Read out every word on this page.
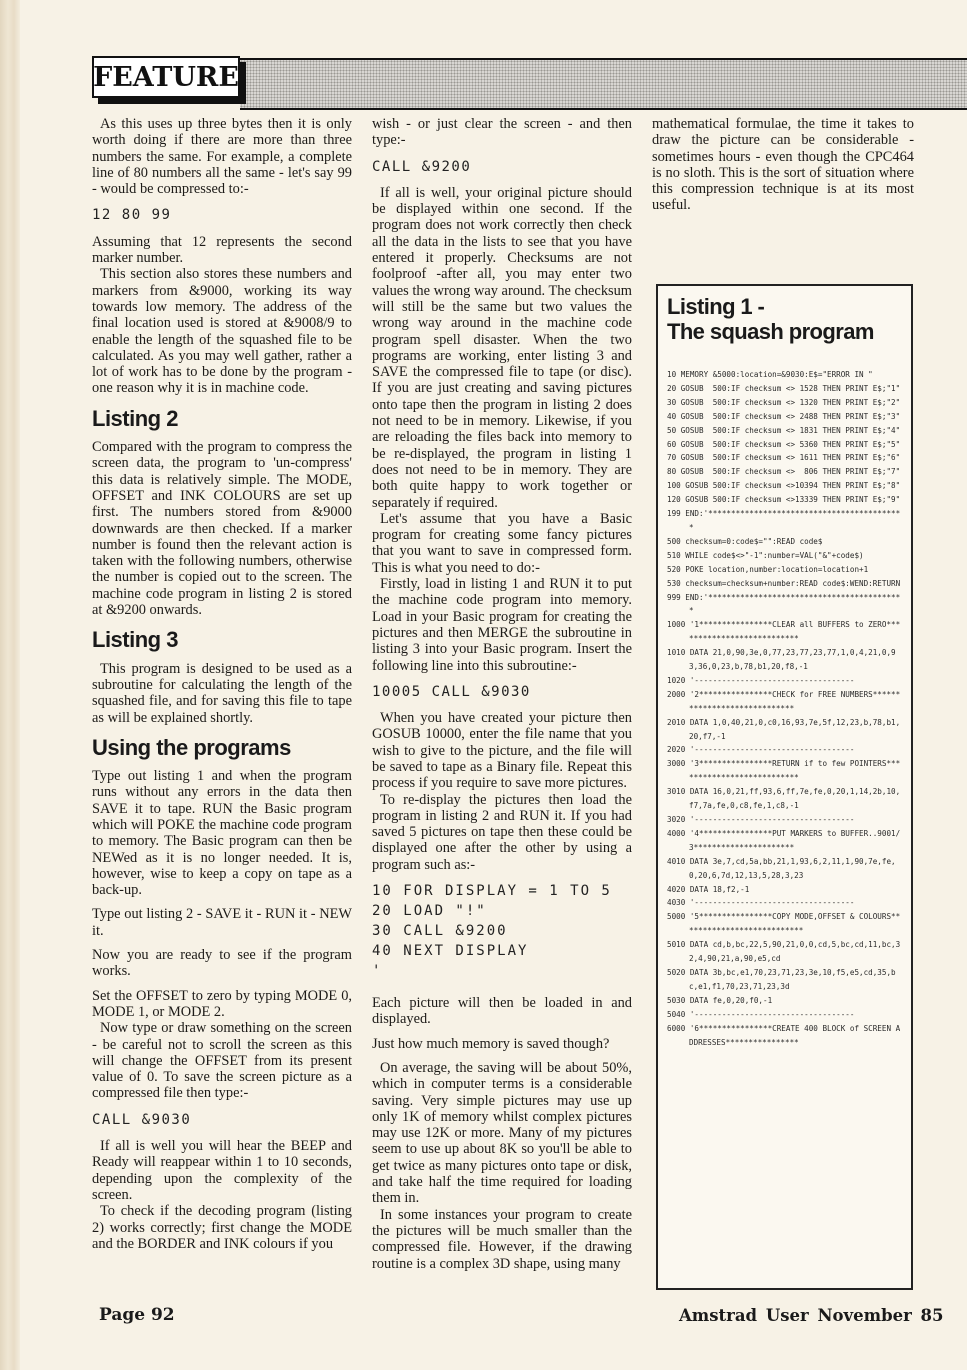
FEATURE

As this uses up three bytes then it is only worth doing if there are more than three numbers the same. For example, a complete line of 80 numbers all the same - let's say 99 - would be compressed to:-

12 80 99

Assuming that 12 represents the second marker number.

This section also stores these numbers and markers from &9000, working its way towards low memory. The address of the final location used is stored at &9008/9 to enable the length of the squashed file to be calculated. As you may well gather, rather a lot of work has to be done by the program -one reason why it is in machine code.

Listing 2

Compared with the program to compress the screen data, the program to 'un-compress' this data is relatively simple. The MODE, OFFSET and INK COLOURS are set up first. The numbers stored from &9000 downwards are then checked. If a marker number is found then the relevant action is taken with the following numbers, otherwise the number is copied out to the screen. The machine code program in listing 2 is stored at &9200 onwards.

Listing 3

This program is designed to be used as a subroutine for calculating the length of the squashed file, and for saving this file to tape as will be explained shortly.

Using the programs

Type out listing 1 and when the program runs without any errors in the data then SAVE it to tape. RUN the Basic program which will POKE the machine code program to memory. The Basic program can then be NEWed as it is no longer needed. It is, however, wise to keep a copy on tape as a back-up.

Type out listing 2 - SAVE it - RUN it - NEW it.

Now you are ready to see if the program works.

Set the OFFSET to zero by typing MODE 0, MODE 1, or MODE 2.

Now type or draw something on the screen - be careful not to scroll the screen as this will change the OFFSET from its present value of 0. To save the screen picture as a compressed file then type:-

CALL &9030

If all is well you will hear the BEEP and Ready will reappear within 1 to 10 seconds, depending upon the complexity of the screen.

To check if the decoding program (listing 2) works correctly; first change the MODE and the BORDER and INK colours if you

wish - or just clear the screen - and then type:-

CALL &9200

If all is well, your original picture should be displayed within one second. If the program does not work correctly then check all the data in the lists to see that you have entered it properly. Checksums are not foolproof -after all, you may enter two values the wrong way around. The checksum will still be the same but two values the wrong way around in the machine code program spell disaster. When the two programs are working, enter listing 3 and SAVE the compressed file to tape (or disc). If you are just creating and saving pictures onto tape then the program in listing 2 does not need to be in memory. Likewise, if you are reloading the files back into memory to be re-displayed, the program in listing 1 does not need to be in memory. They are both quite happy to work together or separately if required.

Let's assume that you have a Basic program for creating some fancy pictures that you want to save in compressed form. This is what you need to do:-

Firstly, load in listing 1 and RUN it to put the machine code program into memory. Load in your Basic program for creating the pictures and then MERGE the subroutine in listing 3 into your Basic program. Insert the following line into this subroutine:-

10005 CALL &9030

When you have created your picture then GOSUB 10000, enter the file name that you wish to give to the picture, and the file will be saved to tape as a Binary file. Repeat this process if you require to save more pictures.

To re-display the pictures then load the program in listing 2 and RUN it. If you had saved 5 pictures on tape then these could be displayed one after the other by using a program such as:-

10 FOR DISPLAY = 1 TO 5
20 LOAD "!"
30 CALL &9200
40 NEXT DISPLAY
'

Each picture will then be loaded in and displayed.

Just how much memory is saved though?

On average, the saving will be about 50%, which in computer terms is a considerable saving. Very simple pictures may use up only 1K of memory whilst complex pictures may use 12K or more. Many of my pictures seem to use up about 8K so you'll be able to get twice as many pictures onto tape or disk, and take half the time required for loading them in.

In some instances your program to create the pictures will be much smaller than the compressed file. However, if the drawing routine is a complex 3D shape, using many

mathematical formulae, the time it takes to draw the picture can be considerable -sometimes hours - even though the CPC464 is no sloth. This is the sort of situation where this compression technique is at its most useful.

Listing 1 -
The squash program
10 MEMORY &5000:location=&9030:E$="ERROR IN "
20 GOSUB  500:IF checksum <> 1528 THEN PRINT E$;"1"
30 GOSUB  500:IF checksum <> 1320 THEN PRINT E$;"2"
40 GOSUB  500:IF checksum <> 2488 THEN PRINT E$;"3"
50 GOSUB  500:IF checksum <> 1831 THEN PRINT E$;"4"
60 GOSUB  500:IF checksum <> 5360 THEN PRINT E$;"5"
70 GOSUB  500:IF checksum <> 1611 THEN PRINT E$;"6"
80 GOSUB  500:IF checksum <>  806 THEN PRINT E$;"7"
100 GOSUB 500:IF checksum <>10394 THEN PRINT E$;"8"
120 GOSUB 500:IF checksum <>13339 THEN PRINT E$;"9"
199 END:'*******************************************
500 checksum=0:code$="":READ code$
510 WHILE code$<>"-1":number=VAL("&"+code$)
520 POKE location,number:location=location+1
530 checksum=checksum+number:READ code$:WEND:RETURN
999 END:'*******************************************
1000 '1****************CLEAR all BUFFERS to ZERO***************************
1010 DATA 21,0,90,3e,0,77,23,77,23,77,1,0,4,21,0,93,36,0,23,b,78,b1,20,f8,-1
1020 '-----------------------------------
2000 '2****************CHECK for FREE NUMBERS*****************************
2010 DATA 1,0,40,21,0,c0,16,93,7e,5f,12,23,b,78,b1,20,f7,-1
2020 '-----------------------------------
3000 '3****************RETURN if to few POINTERS***************************
3010 DATA 16,0,21,ff,93,6,ff,7e,fe,0,20,1,14,2b,10,f7,7a,fe,0,c8,fe,1,c8,-1
3020 '-----------------------------------
4000 '4****************PUT MARKERS to BUFFER..9001/3**********************
4010 DATA 3e,7,cd,5a,bb,21,1,93,6,2,11,1,90,7e,fe,0,20,6,7d,12,13,5,28,3,23
4020 DATA 18,f2,-1
4030 '-----------------------------------
5000 '5****************COPY MODE,OFFSET & COLOURS***************************
5010 DATA cd,b,bc,22,5,90,21,0,0,cd,5,bc,cd,11,bc,32,4,90,21,a,90,e5,cd
5020 DATA 3b,bc,e1,70,23,71,23,3e,10,f5,e5,cd,35,bc,e1,f1,70,23,71,23,3d
5030 DATA fe,0,20,f0,-1
5040 '-----------------------------------
6000 '6****************CREATE 400 BLOCK of SCREEN ADDRESSES****************
Page 92	Amstrad User November 85
